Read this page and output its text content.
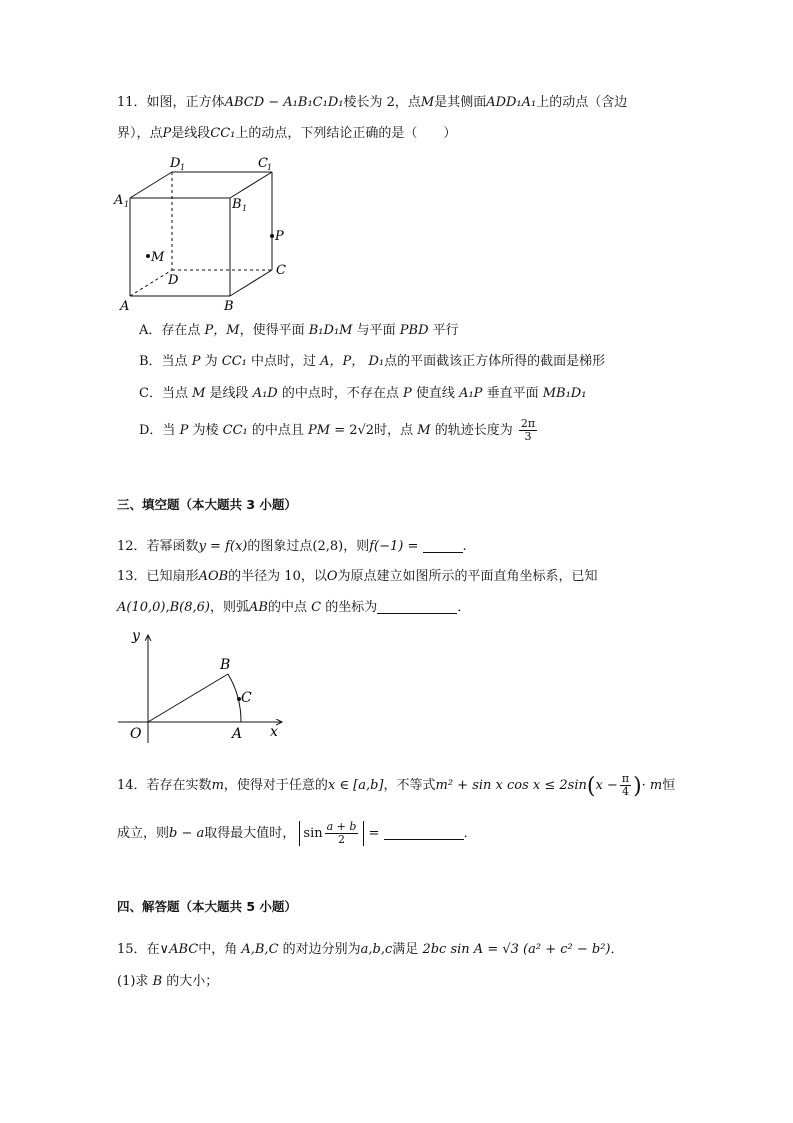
11．如图，正方体ABCD − A₁B₁C₁D₁棱长为 2，点M是其侧面ADD₁A₁上的动点（含边
界），点P是线段CC₁上的动点，下列结论正确的是（　　）
A	B
C
D
A 1	B 1
C 1
D 1
M
P
A．存在点 P，M，使得平面 B₁D₁M 与平面 PBD 平行
B．当点 P 为 CC₁ 中点时，过 A，P， D₁点的平面截该正方体所得的截面是梯形
C．当点 M 是线段 A₁D 的中点时，不存在点 P 使直线 A₁P 垂直平面 MB₁D₁
D．当 P 为棱 CC₁ 的中点且 PM = 2√2时，点 M 的轨迹长度为 $\frac{2\pi}{3}$
三、填空题（本大题共 3 小题）
12．若幂函数y = f(x)的图象过点(2,8)，则f(−1) =	.
13．已知扇形AOB的半径为 10，以O为原点建立如图所示的平面直角坐标系，已知
A(10,0),B(8,6)，则弧AB的中点 C 的坐标为	．
y
x
O	A
B
C
14．若存在实数m，使得对于任意的x ∈ [a,b]，不等式m² + sin x $\cos x \le 2\sin(x - \frac{\pi}{4}$ )· m恒
成立，则b − a取得最大值时， $\sin \frac{a + b}{2}$ =	．
四、解答题（本大题共 5 小题）
15．在∨ABC中，角 A,B,C 的对边分别为a,b,c满足 2bc sin A = √3 (a² + c² − b²)．
(1)求 B 的大小；
